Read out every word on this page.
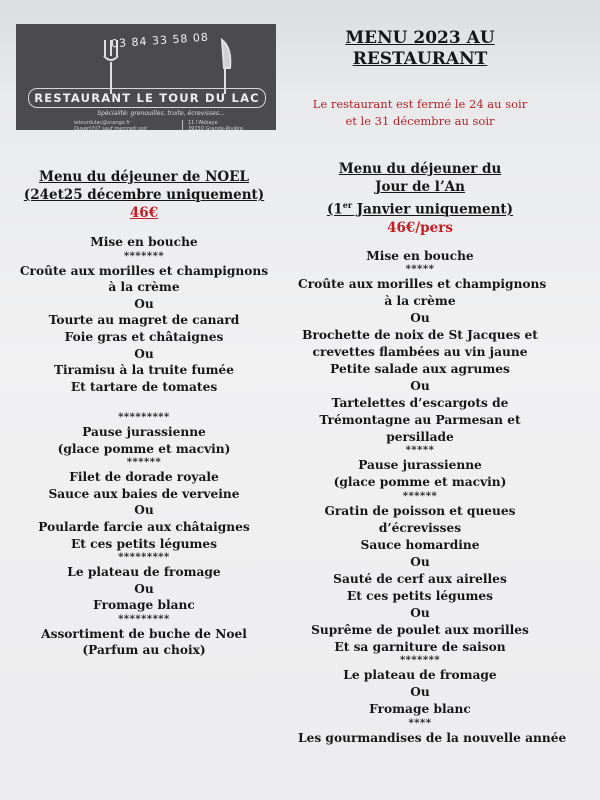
03 84 33 58 08
RESTAURANT LE TOUR DU LAC
Spécialité: grenouilles, truite, écrevisses...
letourdulac@orange.fr
Ouvert7j/7 sauf mercredi soir
11 l'Abbaye
39150 Grande-Rivière
MENU 2023 AU
RESTAURANT
Le restaurant est fermé le 24 au soir
et le 31 décembre au soir
Menu du déjeuner de NOEL
(24et25 décembre uniquement)
46€
Mise en bouche
*******
Croûte aux morilles et champignons
à la crème
Ou
Tourte au magret de canard
Foie gras et châtaignes
Ou
Tiramisu à la truite fumée
Et tartare de tomates

*********
Pause jurassienne
(glace pomme et macvin)
******
Filet de dorade royale
Sauce aux baies de verveine
Ou
Poularde farcie aux châtaignes
Et ces petits légumes
*********
Le plateau de fromage
Ou
Fromage blanc
*********
Assortiment de buche de Noel
(Parfum au choix)
Menu du déjeuner du
Jour de l’An
(1er Janvier uniquement)
46€/pers
Mise en bouche
*****
Croûte aux morilles et champignons
à la crème
Ou
Brochette de noix de St Jacques et
crevettes flambées au vin jaune
Petite salade aux agrumes
Ou
Tartelettes d’escargots de
Trémontagne au Parmesan et
persillade
*****
Pause jurassienne
(glace pomme et macvin)
******
Gratin de poisson et queues
d’écrevisses
Sauce homardine
Ou
Sauté de cerf aux airelles
Et ces petits légumes
Ou
Suprême de poulet aux morilles
Et sa garniture de saison
*******
Le plateau de fromage
Ou
Fromage blanc
****
Les gourmandises de la nouvelle année
